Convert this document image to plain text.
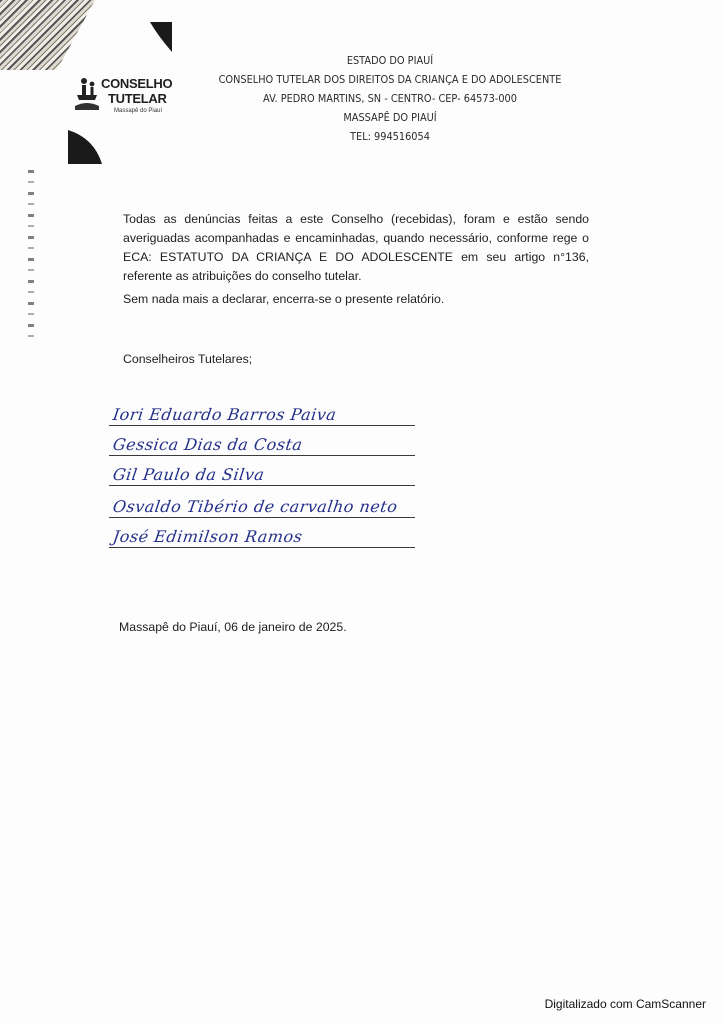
CONSELHO
TUTELAR
Massapê do Piauí
ESTADO DO PIAUÍ
CONSELHO TUTELAR DOS DIREITOS DA CRIANÇA E DO ADOLESCENTE
AV. PEDRO MARTINS, SN - CENTRO- CEP- 64573-000
MASSAPÊ DO PIAUÍ
TEL: 994516054
Todas as denúncias feitas a este Conselho (recebidas), foram e estão sendo averiguadas acompanhadas e encaminhadas, quando necessário, conforme rege o ECA: ESTATUTO DA CRIANÇA E DO ADOLESCENTE em seu artigo n°136, referente as atribuições do conselho tutelar.
Sem nada mais a declarar, encerra-se o presente relatório.
Conselheiros Tutelares;
Iori Eduardo Barros Paiva
Gessica Dias da Costa
Gil Paulo da Silva
Osvaldo Tibério de carvalho neto
José Edimilson Ramos
Massapê do Piauí, 06 de janeiro de 2025.
Digitalizado com CamScanner
